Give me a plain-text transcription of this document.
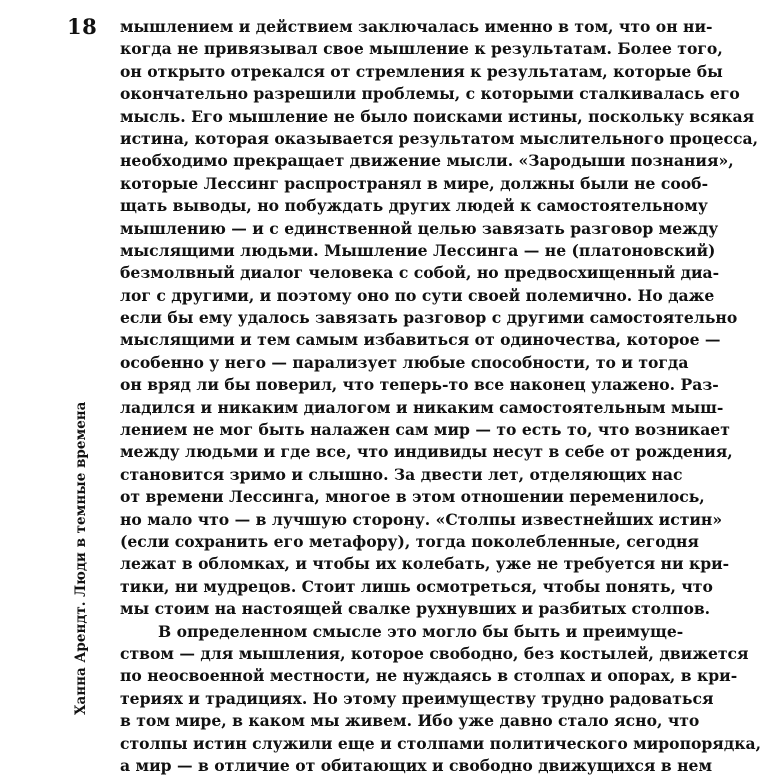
18
Ханна Арендт. Люди в темные времена
мышлением и действием заключалась именно в том, что он ни-
когда не привязывал свое мышление к результатам. Более того,
он открыто отрекался от стремления к результатам, которые бы
окончательно разрешили проблемы, с которыми сталкивалась его
мысль. Его мышление не было поисками истины, поскольку всякая
истина, которая оказывается результатом мыслительного процесса,
необходимо прекращает движение мысли. «Зародыши познания»,
которые Лессинг распространял в мире, должны были не сооб-
щать выводы, но побуждать других людей к самостоятельному
мышлению — и с единственной целью завязать разговор между
мыслящими людьми. Мышление Лессинга — не (платоновский)
безмолвный диалог человека с собой, но предвосхищенный диа-
лог с другими, и поэтому оно по сути своей полемично. Но даже
если бы ему удалось завязать разговор с другими самостоятельно
мыслящими и тем самым избавиться от одиночества, которое —
особенно у него — парализует любые способности, то и тогда
он вряд ли бы поверил, что теперь-то все наконец улажено. Раз-
ладился и никаким диалогом и никаким самостоятельным мыш-
лением не мог быть налажен сам мир — то есть то, что возникает
между людьми и где все, что индивиды несут в себе от рождения,
становится зримо и слышно. За двести лет, отделяющих нас
от времени Лессинга, многое в этом отношении переменилось,
но мало что — в лучшую сторону. «Столпы известнейших истин»
(если сохранить его метафору), тогда поколебленные, сегодня
лежат в обломках, и чтобы их колебать, уже не требуется ни кри-
тики, ни мудрецов. Стоит лишь осмотреться, чтобы понять, что
мы стоим на настоящей свалке рухнувших и разбитых столпов.
В определенном смысле это могло бы быть и преимуще-
ством — для мышления, которое свободно, без костылей, движется
по неосвоенной местности, не нуждаясь в столпах и опорах, в кри-
териях и традициях. Но этому преимуществу трудно радоваться
в том мире, в каком мы живем. Ибо уже давно стало ясно, что
столпы истин служили еще и столпами политического миропорядка,
а мир — в отличие от обитающих и свободно движущихся в нем
